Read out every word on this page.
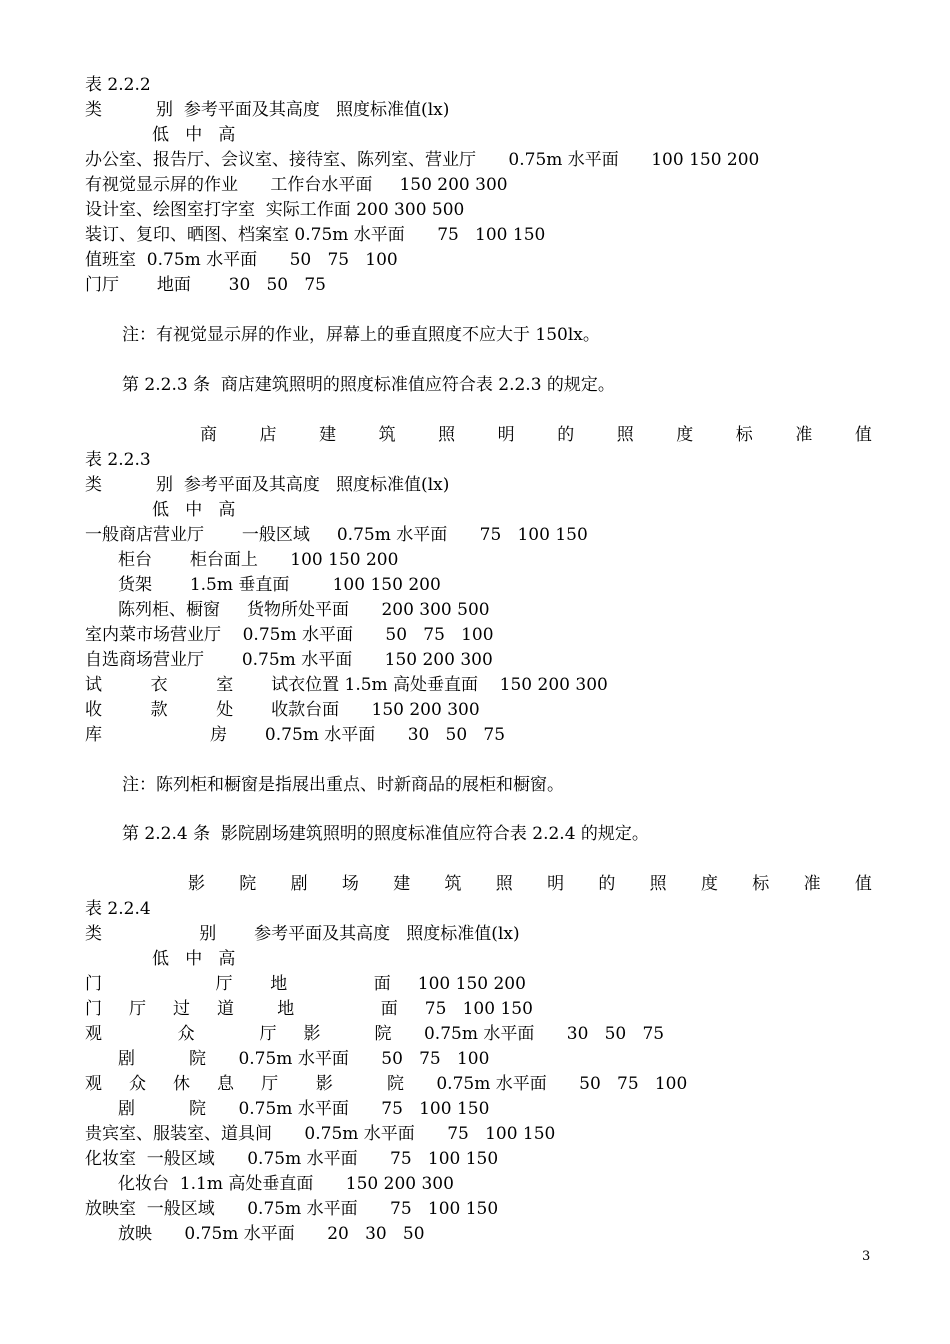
表 2.2.2
类          别  参考平面及其高度   照度标准值(lx)
低   中   高
办公室、报告厅、会议室、接待室、陈列室、营业厅      0.75m 水平面      100 150 200
有视觉显示屏的作业      工作台水平面     150 200 300
设计室、绘图室打字室  实际工作面 200 300 500
装订、复印、晒图、档案室 0.75m 水平面      75   100 150
值班室  0.75m 水平面      50   75   100
门厅       地面       30   50   75
注：有视觉显示屏的作业，屏幕上的垂直照度不应大于 150lx。
第 2.2.3 条  商店建筑照明的照度标准值应符合表 2.2.3 的规定。
商	店	建	筑	照	明	的	照	度	标	准	值
表 2.2.3
类          别  参考平面及其高度   照度标准值(lx)
低   中   高
一般商店营业厅       一般区域     0.75m 水平面      75   100 150
柜台       柜台面上      100 150 200
货架       1.5m 垂直面        100 150 200
陈列柜、橱窗     货物所处平面      200 300 500
室内菜市场营业厅    0.75m 水平面      50   75   100
自选商场营业厅       0.75m 水平面      150 200 300
试         衣         室       试衣位置 1.5m 高处垂直面    150 200 300
收         款         处       收款台面      150 200 300
库                    房       0.75m 水平面      30   50   75
注：陈列柜和橱窗是指展出重点、时新商品的展柜和橱窗。
第 2.2.4 条  影院剧场建筑照明的照度标准值应符合表 2.2.4 的规定。
影 院 剧 场 建 筑 照 明 的 照 度 标 准 值
表 2.2.4
类                  别       参考平面及其高度   照度标准值(lx)
低   中   高
门                     厅       地                面     100 150 200
门     厅     过     道        地                面     75   100 150
观              众            厅     影          院      0.75m 水平面      30   50   75
剧          院      0.75m 水平面      50   75   100
观     众     休     息     厅       影          院      0.75m 水平面      50   75   100
剧          院      0.75m 水平面      75   100 150
贵宾室、服装室、道具间      0.75m 水平面      75   100 150
化妆室  一般区域      0.75m 水平面      75   100 150
化妆台  1.1m 高处垂直面      150 200 300
放映室  一般区域      0.75m 水平面      75   100 150
放映      0.75m 水平面      20   30   50
3
